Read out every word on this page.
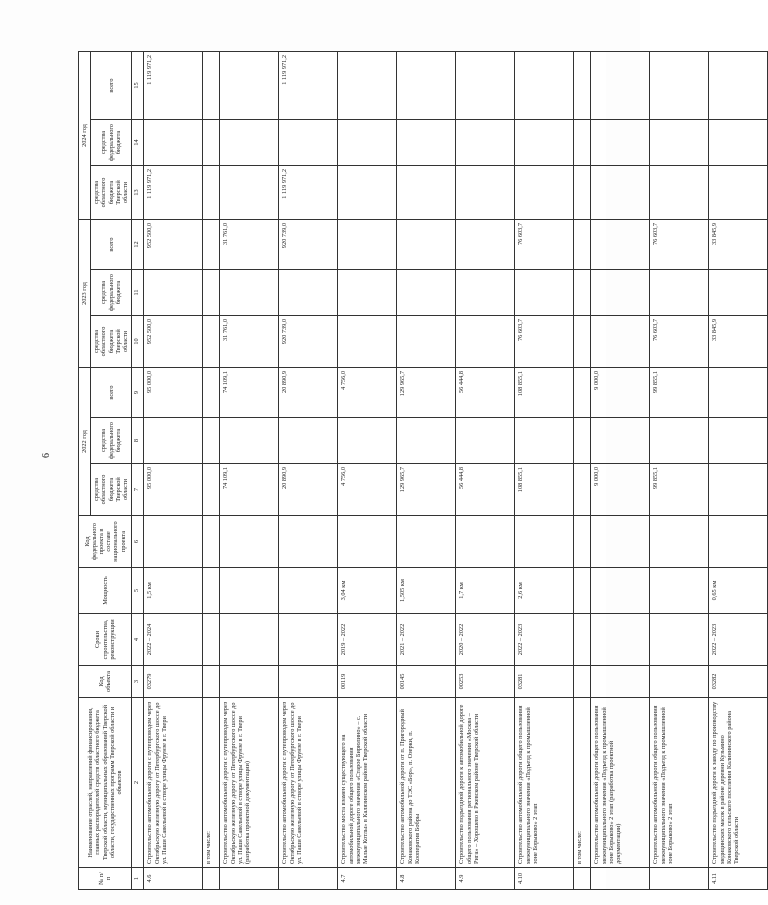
6
№ п/п	Наименование отраслей, направлений финансирования, главных распорядителей средств областного бюджета Тверской области, муниципальных образований Тверской области, государственных программ Тверской области и объектов	Код объекта	Сроки строительства, реконструкции	Мощность	Код федерального проекта в составе национального проекта	2022 год			2023 год			2024 год		
						средства областного бюджета Тверской области	средства федерального бюджета	всего	средства областного бюджета Тверской области	средства федерального бюджета	всего	средства областного бюджета Тверской области	средства федерального бюджета	всего
1	2	3	4	5	6	7	8	9	10	11	12	13	14	15
4.6	Строительство автомобильной дороги с путепроводом через Октябрьскую железную дорогу от Петербургского шоссе до ул. Паши Савельевой в створе улицы Фрунзе в г. Твери	03279	2022 – 2024	1,5 км		95 000,0		95 000,0	952 500,0		952 500,0	1 119 971,2		1 119 971,2
	в том числе:													
	Строительство автомобильной дороги с путепроводом через Октябрьскую железную дорогу от Петербургского шоссе до ул. Паши Савельевой в створе улицы Фрунзе в г. Твери (разработка проектной документации)					74 109,1		74 109,1	31 761,0		31 761,0			
	Строительство автомобильной дороги с путепроводом через Октябрьскую железную дорогу от Петербургского шоссе до ул. Паши Савельевой в створе улицы Фрунзе в г. Твери					20 890,9		20 890,9	920 739,0		920 739,0	1 119 971,2		1 119 971,2
4.7	Строительство моста взамен существующего на автомобильной дороге общего пользования межмуниципального значения «Старое Бирюлино» – с. Малые Котлы» в Калязинском районе Тверской области	00119	2019 – 2022	3,04 км		4 756,0		4 756,0						
4.8	Строительство автомобильной дороги от п. Пригородный Конаковского района до ТЭС «Бор», п. Озерки, п. Кооператив Бобры	00145	2021 – 2022	1,505 км		129 965,7		129 965,7						
4.9	Строительство подъездной дороги к автомобильной дороге общего пользования регионального значения «Москва – Рига» – Хорошево в Ржевском районе Тверской области	00253	2020 – 2022	1,7 км		56 444,8		56 444,8						
4.10	Строительство автомобильной дороги общего пользования межмуниципального значения «Подъезд к промышленной зоне Борыково» 2 этап	03281	2022 – 2023	2,6 км		108 855,1		108 855,1	76 603,7		76 603,7			
	в том числе:													
	Строительство автомобильной дороги общего пользования межмуниципального значения «Подъезд к промышленной зоне Борыково» 2 этап (разработка проектной документации)					9 000,0		9 000,0						
	Строительство автомобильной дороги общего пользования межмуниципального значения «Подъезд к промышленной зоне Борыково» 2 этап					99 855,1		99 855,1	76 603,7		76 603,7			
4.11	Строительство подъездной дороги к заводу по производству медицинских масок в районе деревни Кузьмино Конаковского сельского поселения Калининского района Тверской области	03282	2022 – 2023	0,65 км					33 845,9		33 845,9			
